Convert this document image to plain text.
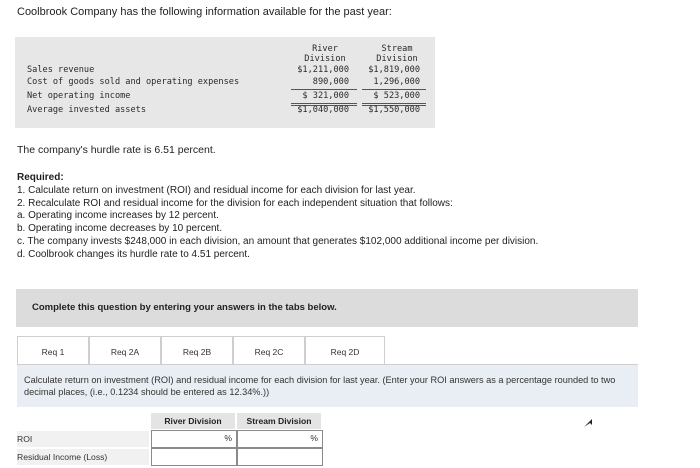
Coolbrook Company has the following information available for the past year:
River
Division
Stream
Division
Sales revenue	$1,211,000 $1,819,000
Cost of goods sold and operating expenses	890,000	1,296,000
Net operating income	$ 321,000	$ 523,000
Average invested assets	$1,040,000 $1,550,000
The company's hurdle rate is 6.51 percent.
Required:
1. Calculate return on investment (ROI) and residual income for each division for last year.
2. Recalculate ROI and residual income for the division for each independent situation that follows:
a. Operating income increases by 12 percent.
b. Operating income decreases by 10 percent.
c. The company invests $248,000 in each division, an amount that generates $102,000 additional income per division.
d. Coolbrook changes its hurdle rate to 4.51 percent.
Complete this question by entering your answers in the tabs below.
Req 1	Req 2A	Req 2B	Req 2C	Req 2D
Calculate return on investment (ROI) and residual income for each division for last year. (Enter your ROI answers as a percentage rounded to two decimal places, (i.e., 0.1234 should be entered as 12.34%.))
River Division	Stream Division
ROI	%	%
Residual Income (Loss)
